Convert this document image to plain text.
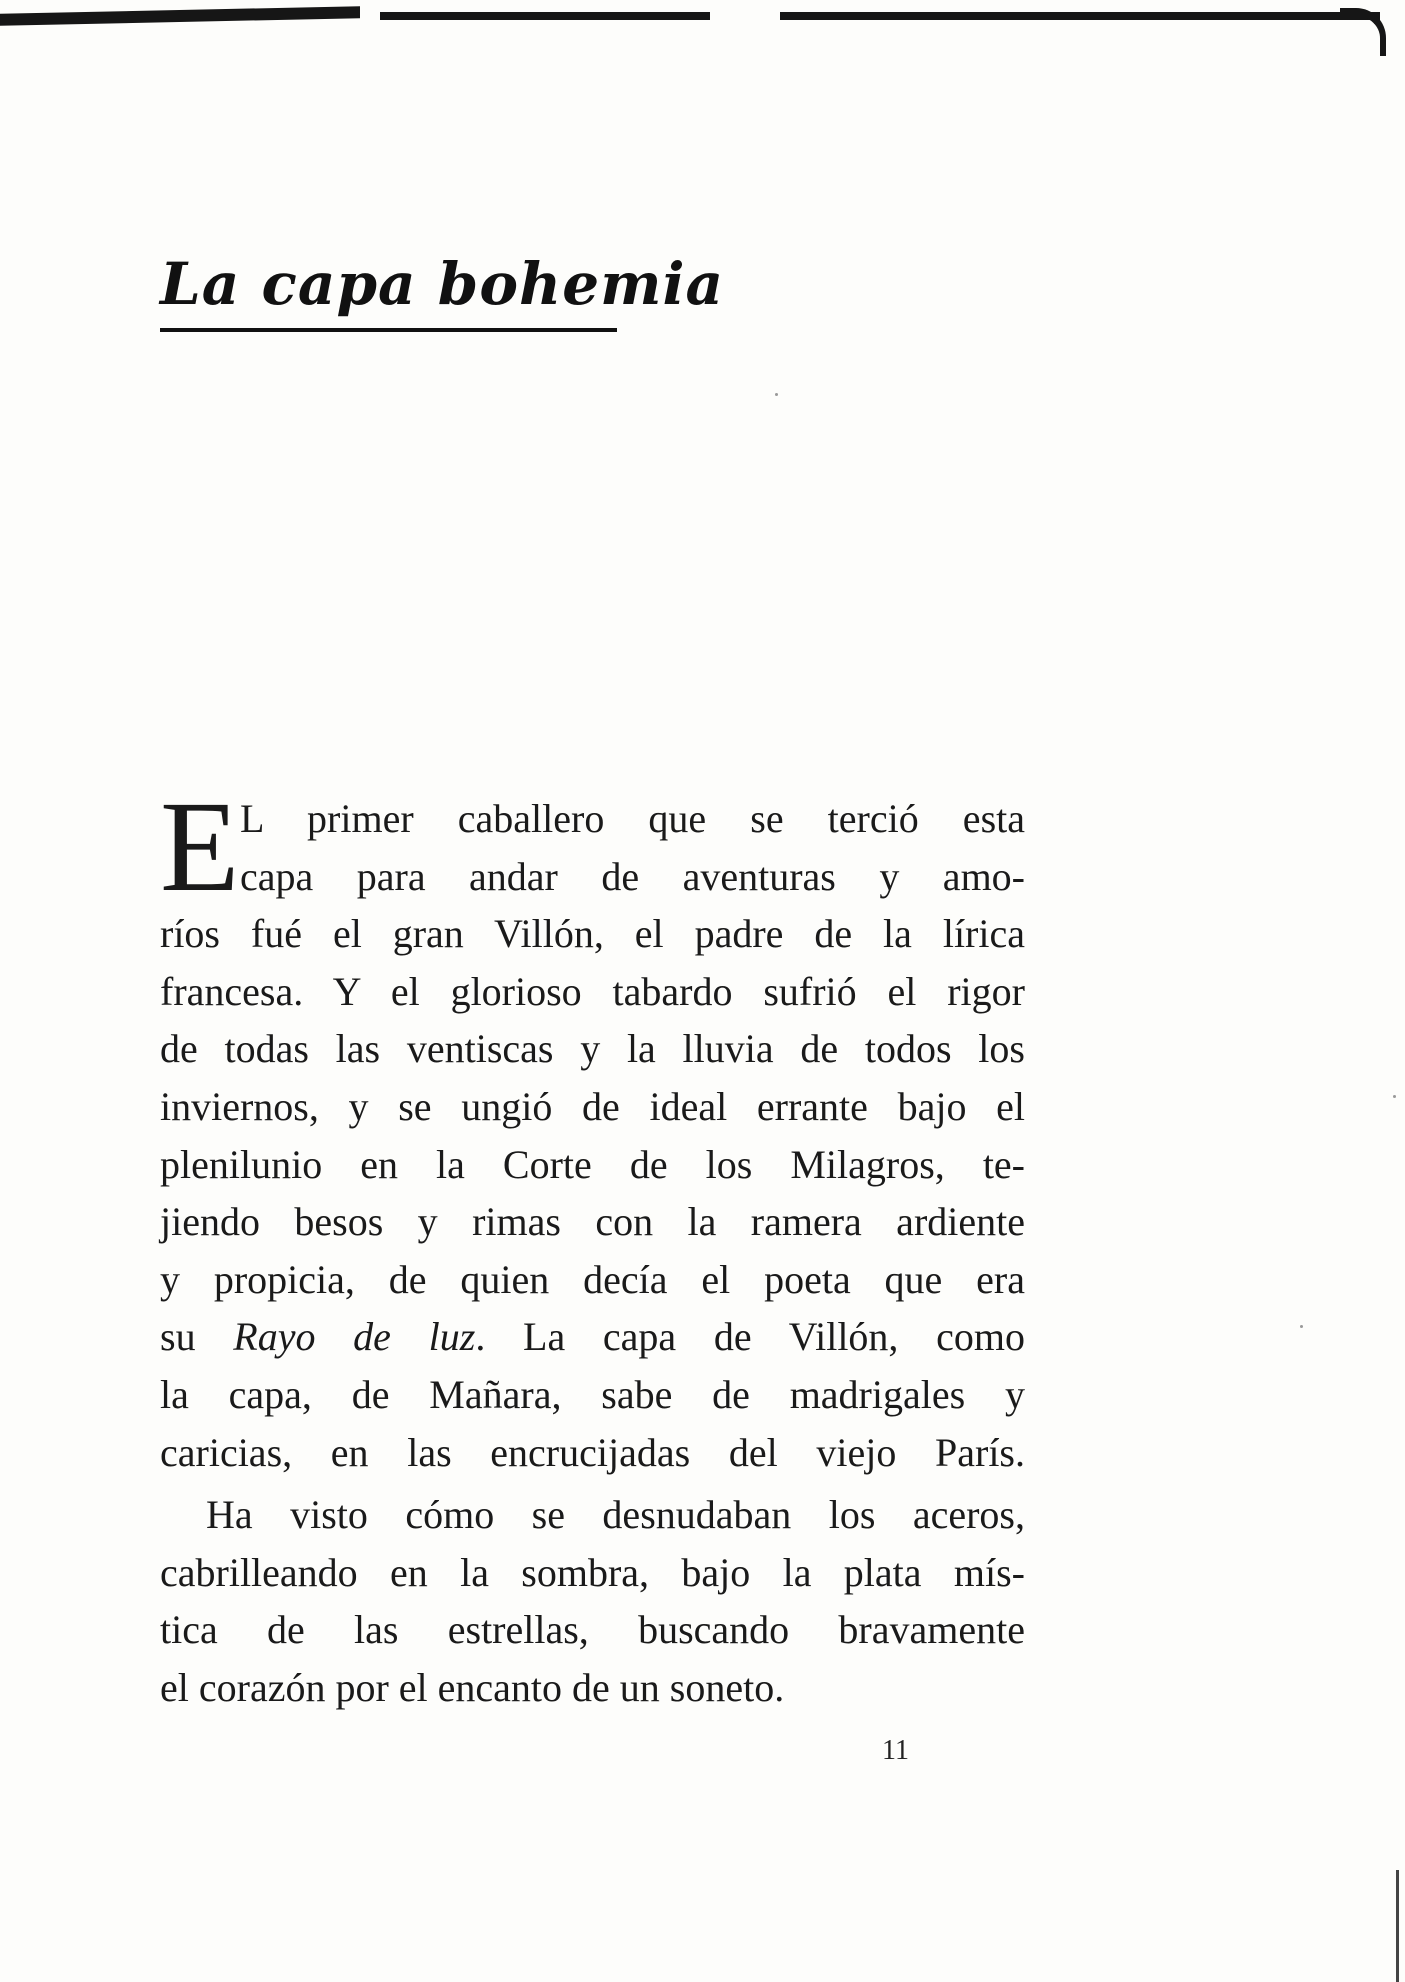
La capa bohemia
E L primer caballero que se terció esta
capa para andar de aventuras y amo-
ríos fué el gran Villón, el padre de la lírica
francesa. Y el glorioso tabardo sufrió el rigor
de todas las ventiscas y la lluvia de todos los
inviernos, y se ungió de ideal errante bajo el
plenilunio en la Corte de los Milagros, te-
jiendo besos y rimas con la ramera ardiente
y propicia, de quien decía el poeta que era
su Rayo de luz. La capa de Villón, como
la capa, de Mañara, sabe de madrigales y
caricias, en las encrucijadas del viejo París.
Ha visto cómo se desnudaban los aceros,
cabrilleando en la sombra, bajo la plata mís-
tica de las estrellas, buscando bravamente
el corazón por el encanto de un soneto.
11
